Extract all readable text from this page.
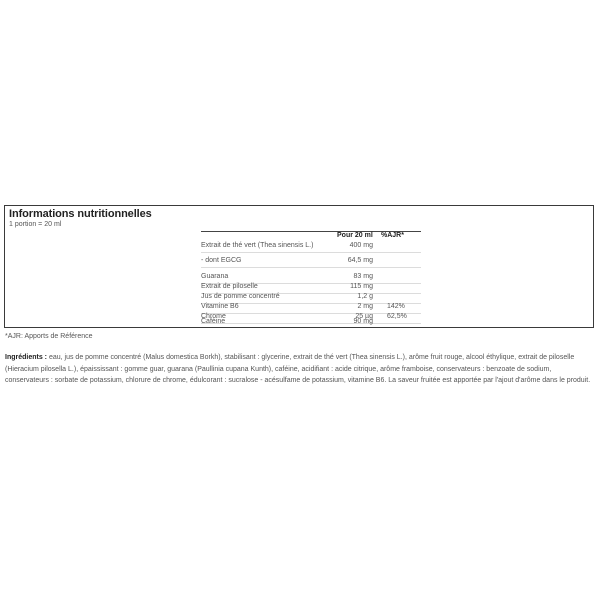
Informations nutritionnelles
1 portion = 20 ml
Pour 20 ml %AJR*
Extrait de thé vert (Thea sinensis L.)	400 mg
- dont EGCG	64,5 mg
Guarana	83 mg
Extrait de piloselle	115 mg
Jus de pomme concentré	1,2 g
Vitamine B6	2 mg 142%
Chrome	25 µg 62,5%
Caféine	90 mg
*AJR: Apports de Référence
Ingrédients : eau, jus de pomme concentré (Malus domestica Borkh), stabilisant : glycerine, extrait de thé vert (Thea sinensis L.), arôme fruit rouge, alcool éthylique, extrait de piloselle (Hieracium pilosella L.), épaississant : gomme guar, guarana (Paullinia cupana Kunth), caféine, acidifiant : acide citrique, arôme framboise, conservateurs : benzoate de sodium, conservateurs : sorbate de potassium, chlorure de chrome, édulcorant : sucralose - acésulfame de potassium, vitamine B6. La saveur fruitée est apportée par l'ajout d'arôme dans le produit.
